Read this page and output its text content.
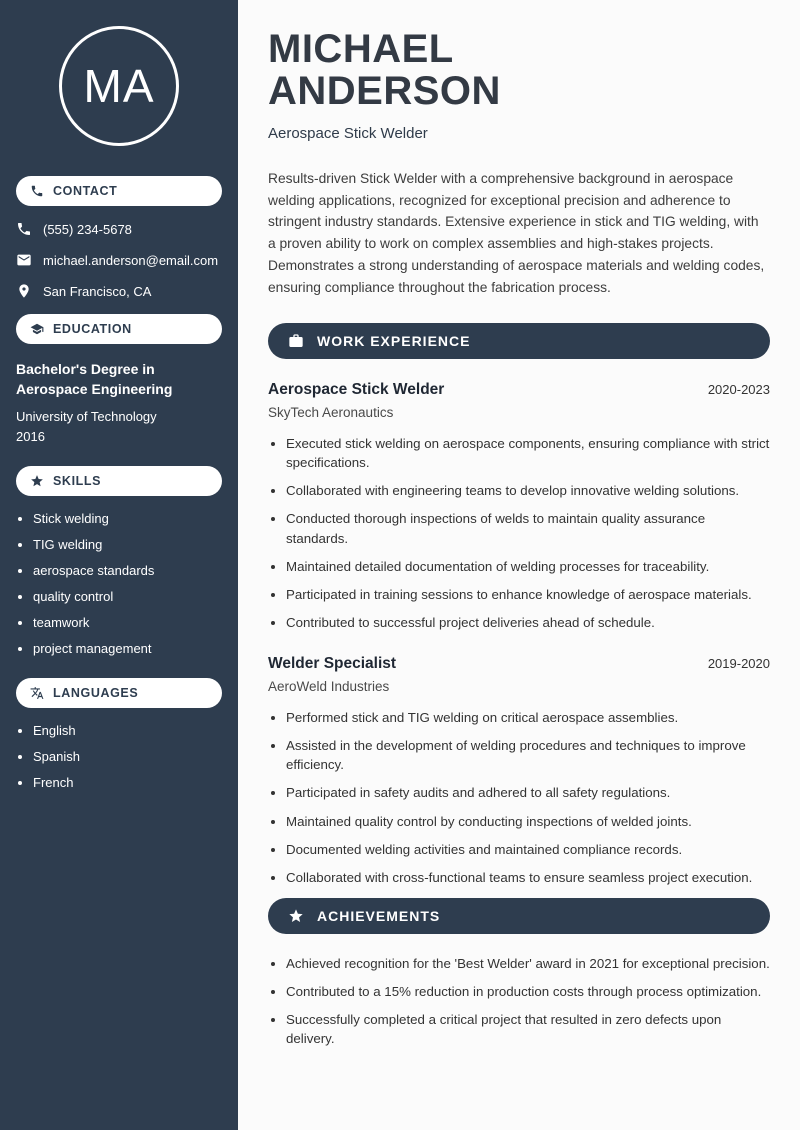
MA
CONTACT
(555) 234-5678
michael.anderson@email.com
San Francisco, CA
EDUCATION
Bachelor's Degree in Aerospace Engineering
University of Technology
2016
SKILLS
• Stick welding
• TIG welding
• aerospace standards
• quality control
• teamwork
• project management
LANGUAGES
• English
• Spanish
• French
MICHAEL
ANDERSON
Aerospace Stick Welder

Results-driven Stick Welder with a comprehensive background in aerospace welding applications, recognized for exceptional precision and adherence to stringent industry standards. Extensive experience in stick and TIG welding, with a proven ability to work on complex assemblies and high-stakes projects. Demonstrates a strong understanding of aerospace materials and welding codes, ensuring compliance throughout the fabrication process.

WORK EXPERIENCE
Aerospace Stick Welder	2020-2023
SkyTech Aeronautics
• Executed stick welding on aerospace components, ensuring compliance with strict specifications.
• Collaborated with engineering teams to develop innovative welding solutions.
• Conducted thorough inspections of welds to maintain quality assurance standards.
• Maintained detailed documentation of welding processes for traceability.
• Participated in training sessions to enhance knowledge of aerospace materials.
• Contributed to successful project deliveries ahead of schedule.
Welder Specialist	2019-2020
AeroWeld Industries
• Performed stick and TIG welding on critical aerospace assemblies.
• Assisted in the development of welding procedures and techniques to improve efficiency.
• Participated in safety audits and adhered to all safety regulations.
• Maintained quality control by conducting inspections of welded joints.
• Documented welding activities and maintained compliance records.
• Collaborated with cross-functional teams to ensure seamless project execution.
ACHIEVEMENTS
• Achieved recognition for the 'Best Welder' award in 2021 for exceptional precision.
• Contributed to a 15% reduction in production costs through process optimization.
• Successfully completed a critical project that resulted in zero defects upon delivery.
